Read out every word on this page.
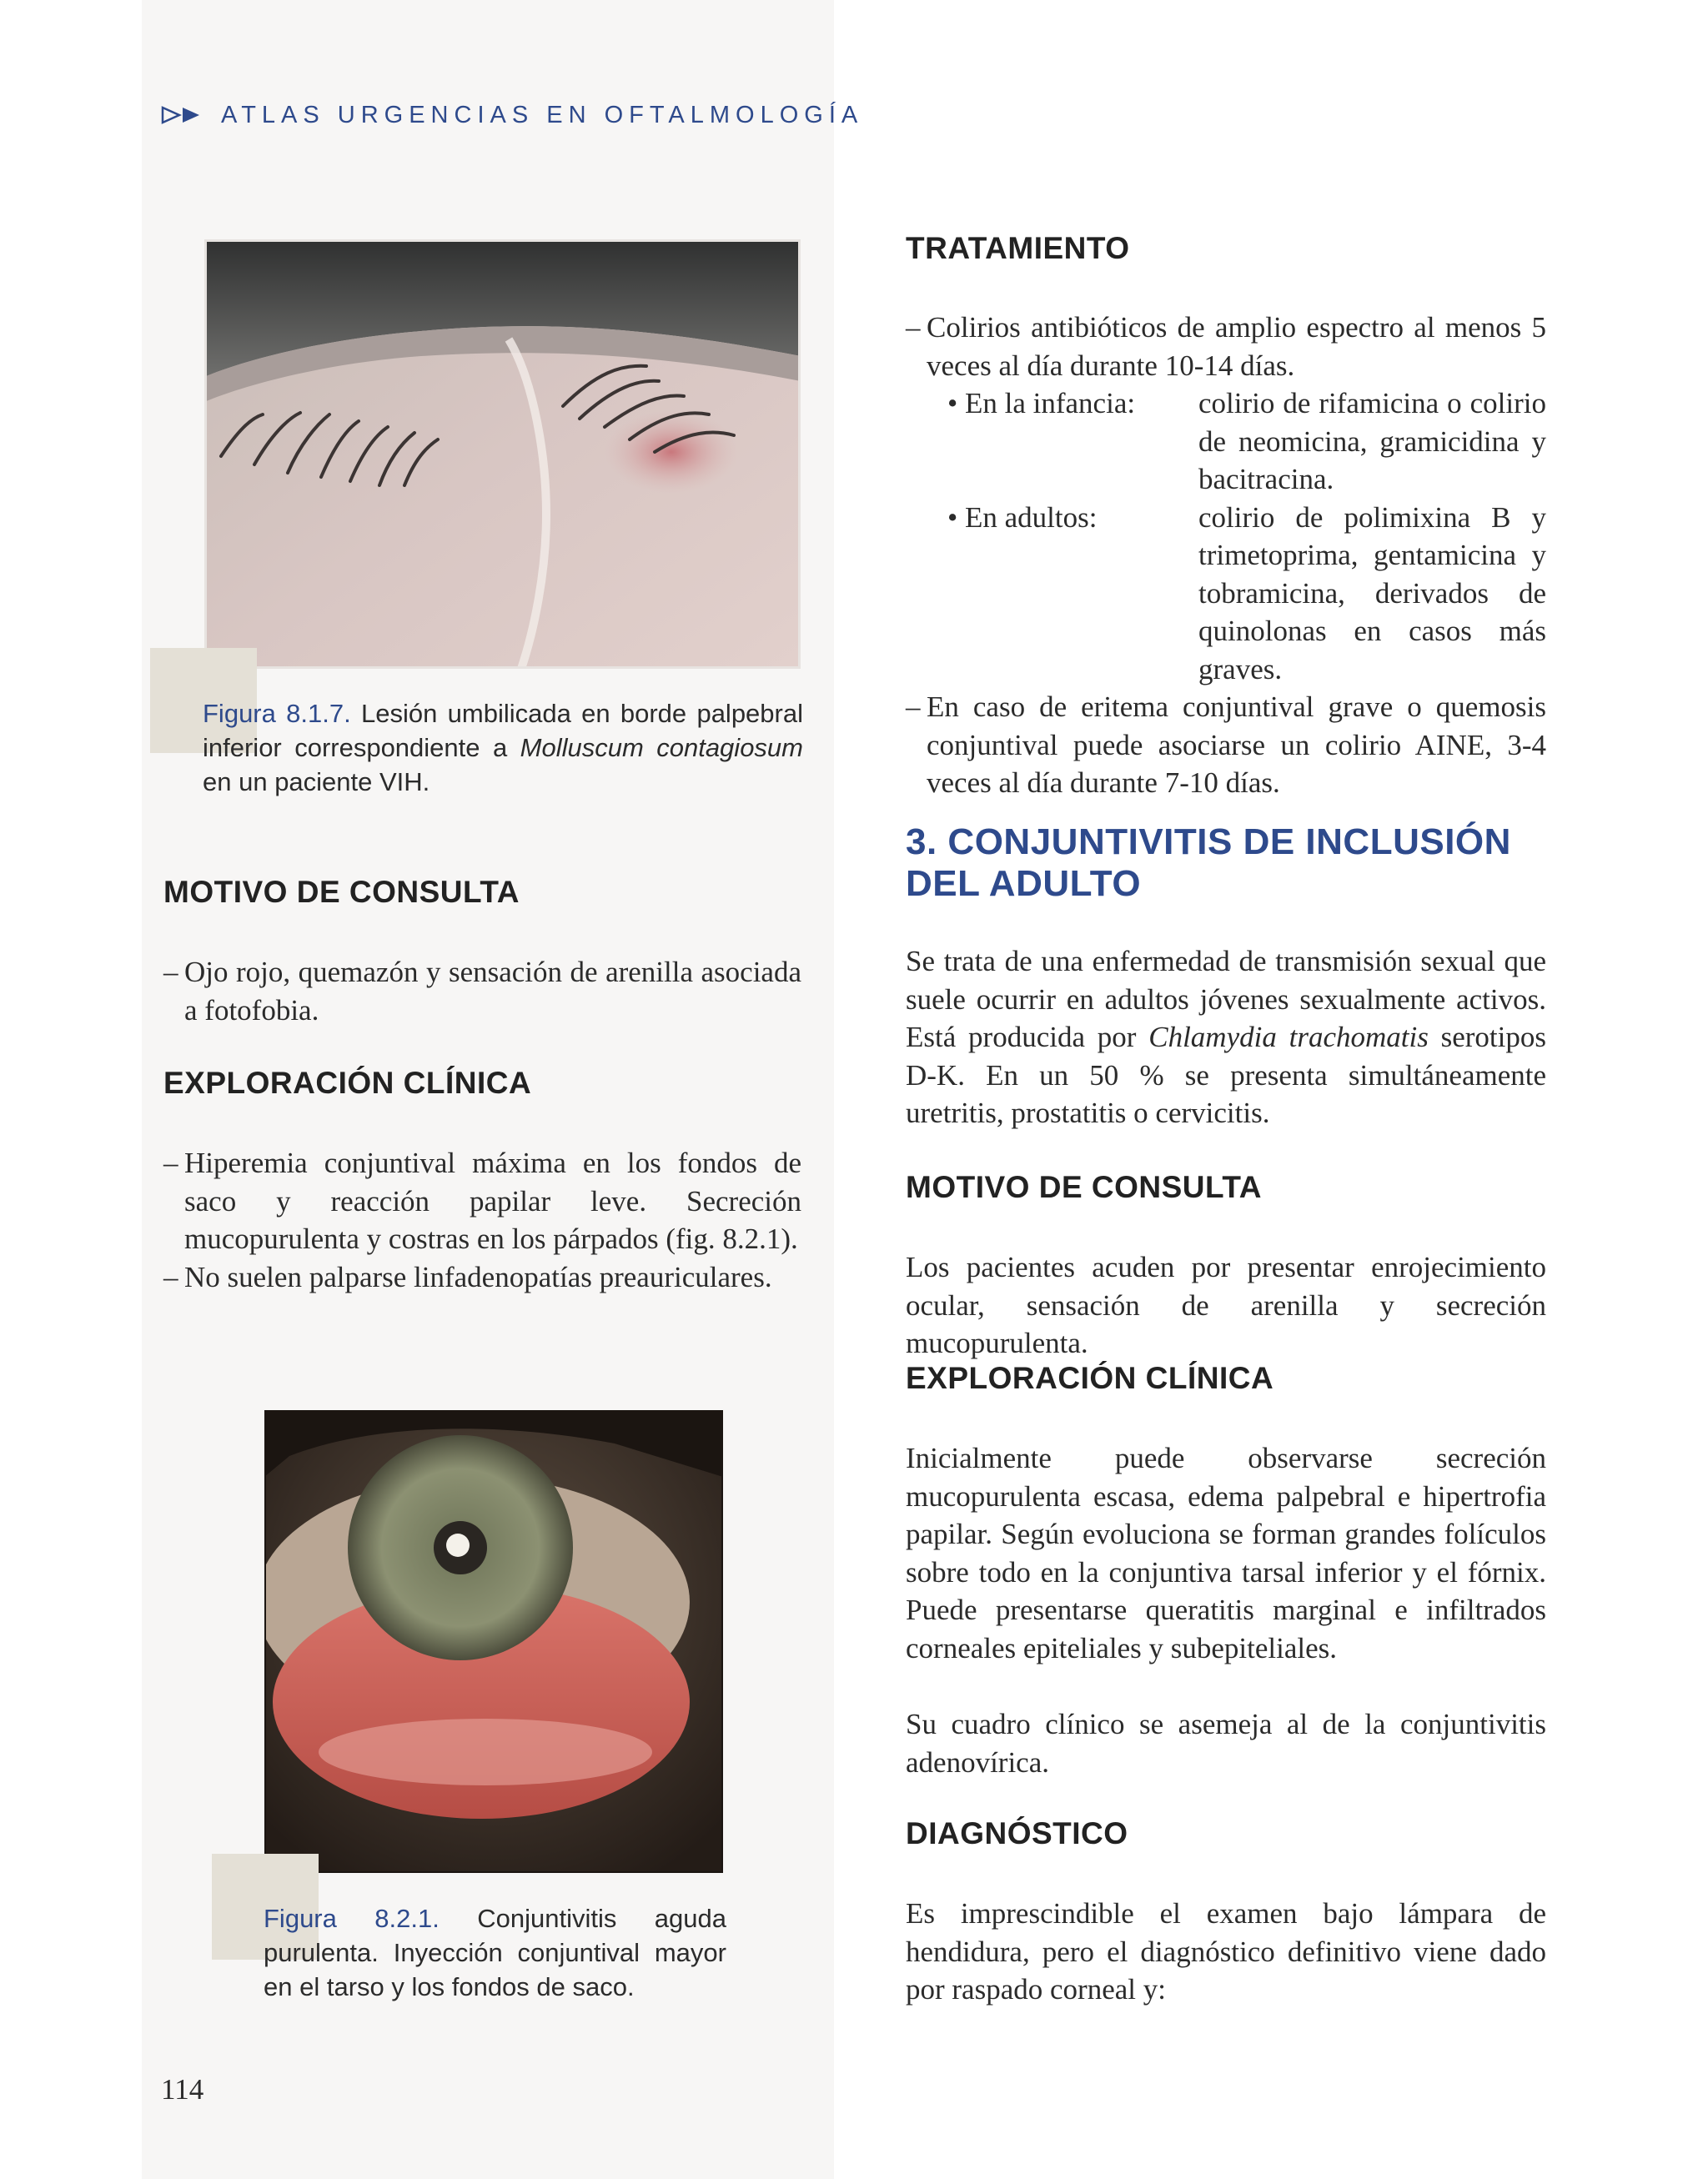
ATLAS URGENCIAS EN OFTALMOLOGÍA
Figura 8.1.7. Lesión umbilicada en borde palpebral inferior correspondiente a Molluscum contagiosum en un paciente VIH.
MOTIVO DE CONSULTA
– Ojo rojo, quemazón y sensación de arenilla asociada a fotofobia.
EXPLORACIÓN CLÍNICA
– Hiperemia conjuntival máxima en los fondos de saco y reacción papilar leve. Secreción mucopurulenta y costras en los párpados (fig. 8.2.1).
– No suelen palparse linfadenopatías preauriculares.
Figura 8.2.1. Conjuntivitis aguda purulenta. Inyección conjuntival mayor en el tarso y los fondos de saco.
TRATAMIENTO
– Colirios antibióticos de amplio espectro al menos 5 veces al día durante 10-14 días.
• En la infancia:	colirio de rifamicina o colirio de neomicina, gramicidina y bacitracina.
• En adultos:	colirio de polimixina B y trimetoprima, gentamicina y tobramicina, derivados de quinolonas en casos más graves.
– En caso de eritema conjuntival grave o quemosis conjuntival puede asociarse un colirio AINE, 3-4 veces al día durante 7-10 días.
3. CONJUNTIVITIS DE INCLUSIÓN
DEL ADULTO

Se trata de una enfermedad de transmisión sexual que suele ocurrir en adultos jóvenes sexualmente activos. Está producida por Chlamydia trachomatis serotipos D-K. En un 50 % se presenta simultáneamente uretritis, prostatitis o cervicitis.

MOTIVO DE CONSULTA

Los pacientes acuden por presentar enrojecimiento ocular, sensación de arenilla y secreción mucopurulenta.

EXPLORACIÓN CLÍNICA

Inicialmente puede observarse secreción mucopurulenta escasa, edema palpebral e hipertrofia papilar. Según evoluciona se forman grandes folículos sobre todo en la conjuntiva tarsal inferior y el fórnix. Puede presentarse queratitis marginal e infiltrados corneales epiteliales y subepiteliales.

Su cuadro clínico se asemeja al de la conjuntivitis adenovírica.

DIAGNÓSTICO

Es imprescindible el examen bajo lámpara de hendidura, pero el diagnóstico definitivo viene dado por raspado corneal y:

114
